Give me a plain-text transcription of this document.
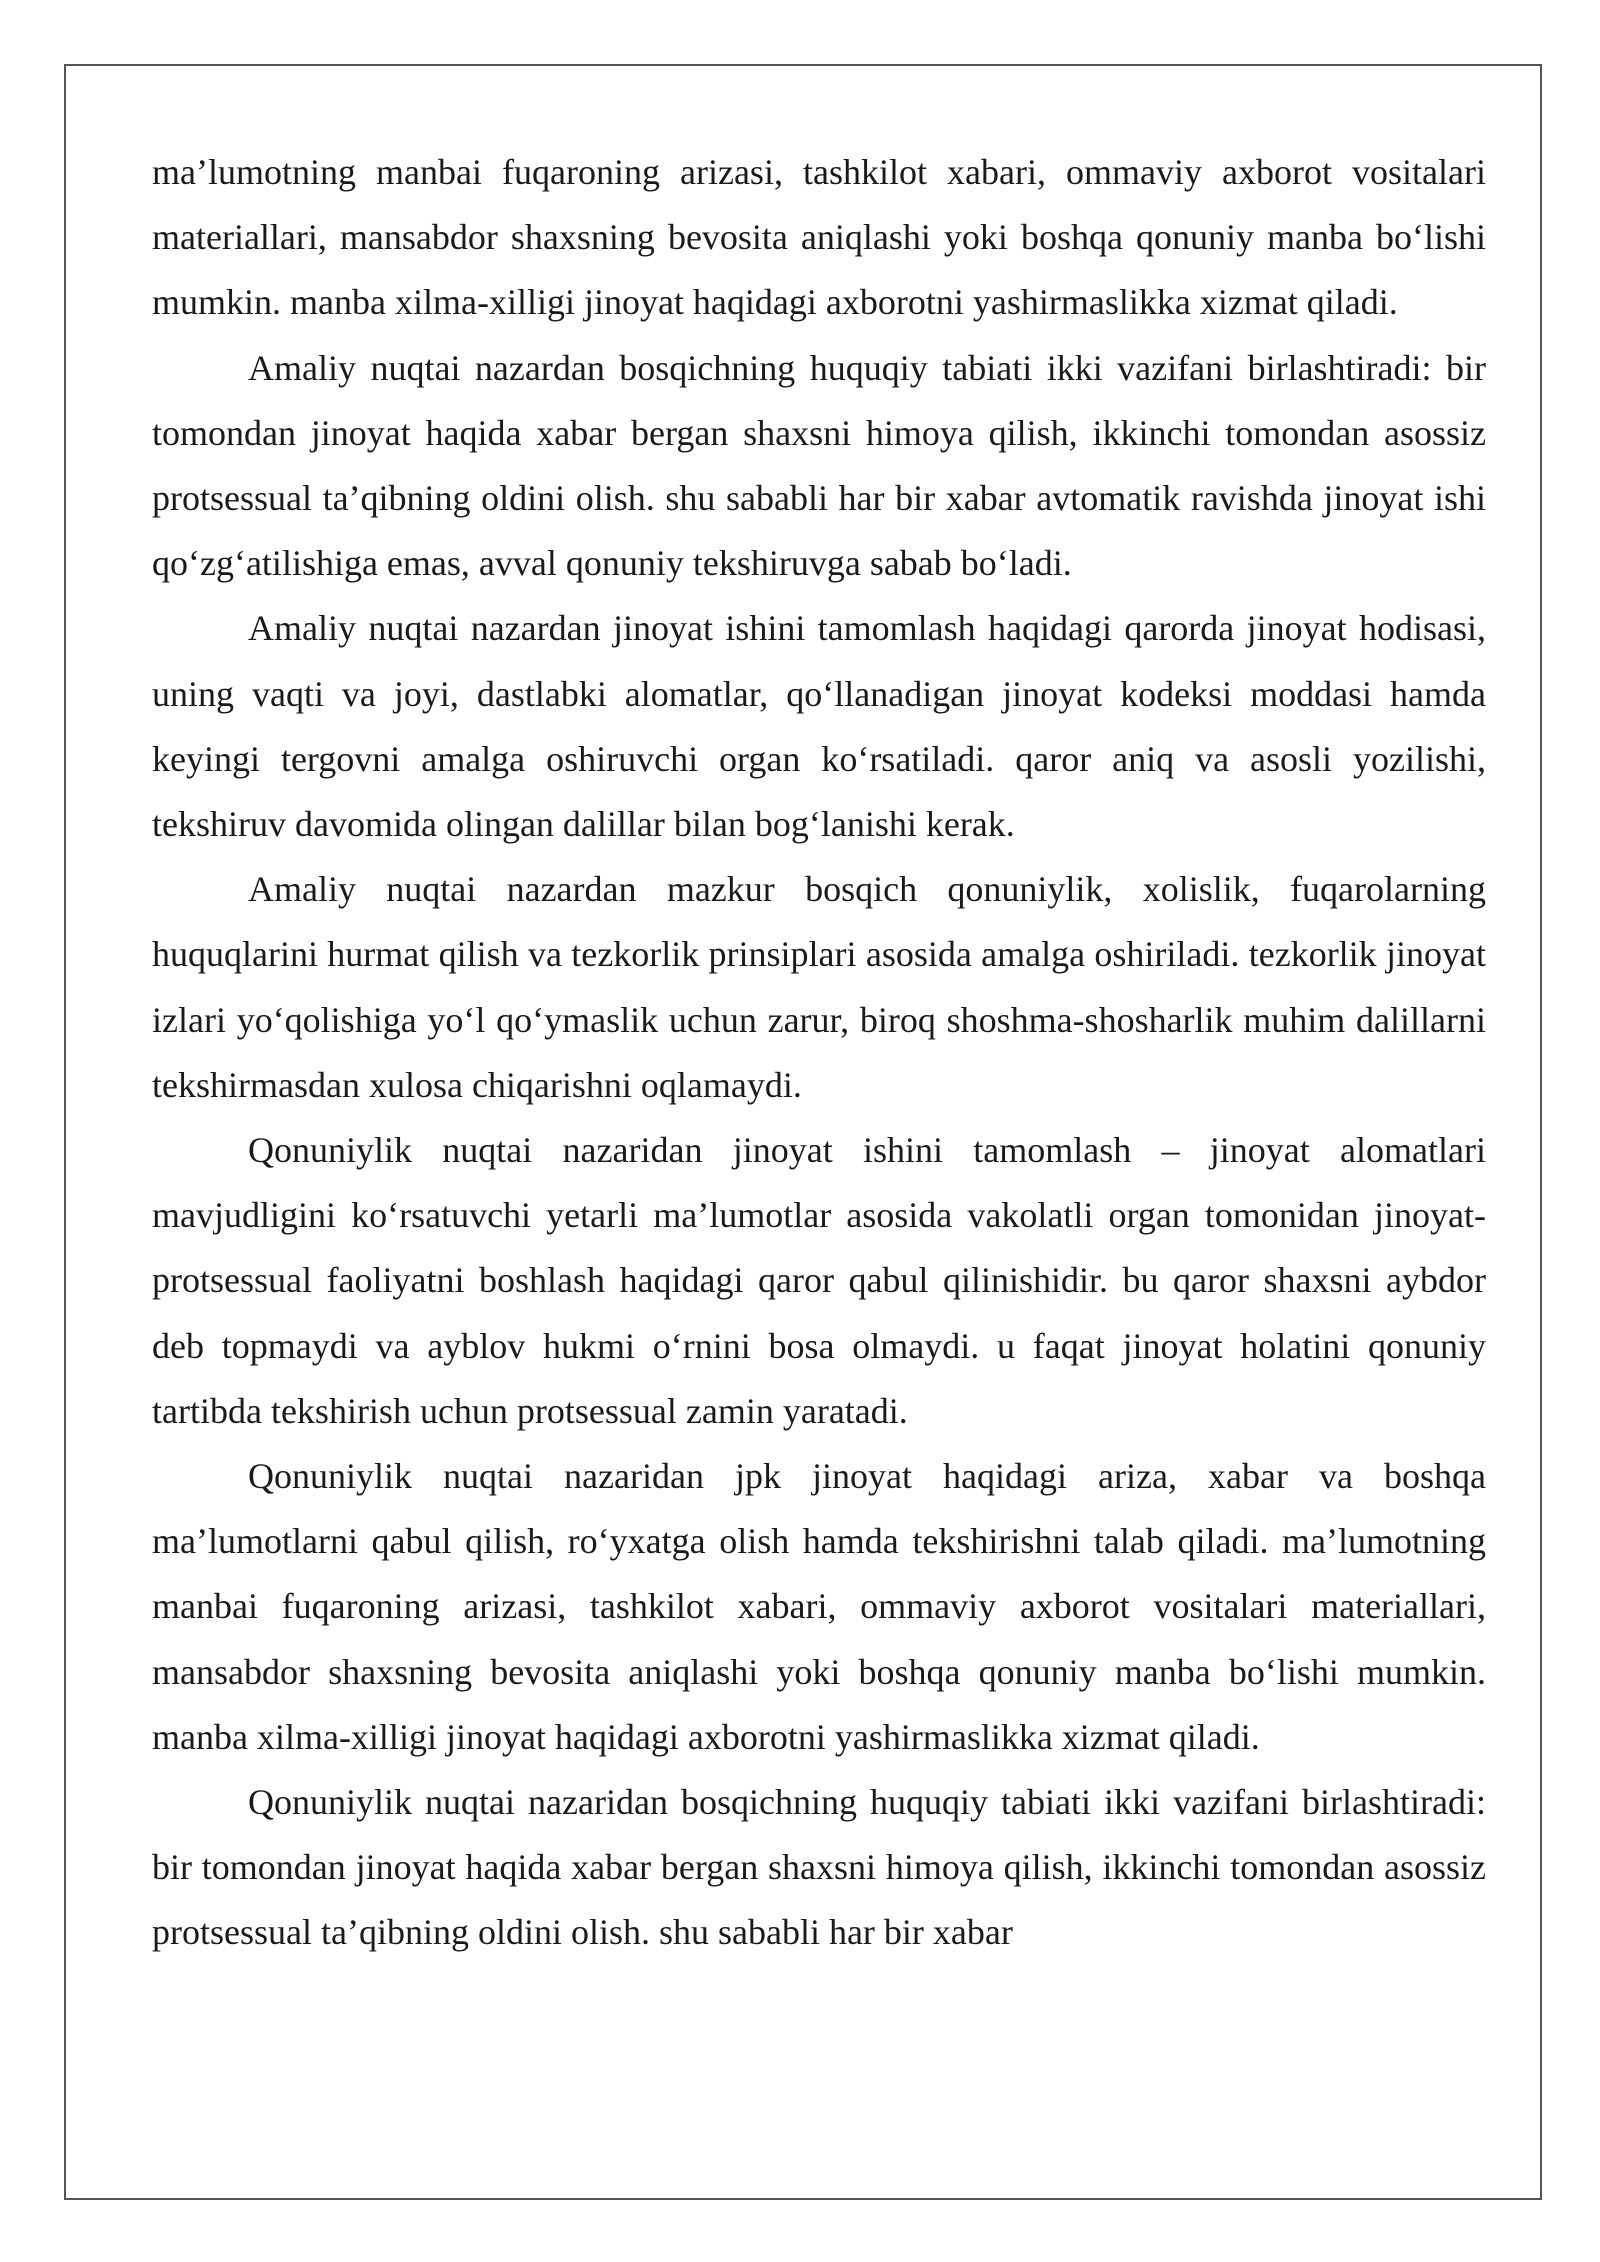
ma’lumotning manbai fuqaroning arizasi, tashkilot xabari, ommaviy axborot vositalari materiallari, mansabdor shaxsning bevosita aniqlashi yoki boshqa qonuniy manba bo‘lishi mumkin. manba xilma-xilligi jinoyat haqidagi axborotni yashirmaslikka xizmat qiladi.

Amaliy nuqtai nazardan bosqichning huquqiy tabiati ikki vazifani birlashtiradi: bir tomondan jinoyat haqida xabar bergan shaxsni himoya qilish, ikkinchi tomondan asossiz protsessual ta’qibning oldini olish. shu sababli har bir xabar avtomatik ravishda jinoyat ishi qo‘zg‘atilishiga emas, avval qonuniy tekshiruvga sabab bo‘ladi.

Amaliy nuqtai nazardan jinoyat ishini tamomlash haqidagi qarorda jinoyat hodisasi, uning vaqti va joyi, dastlabki alomatlar, qo‘llanadigan jinoyat kodeksi moddasi hamda keyingi tergovni amalga oshiruvchi organ ko‘rsatiladi. qaror aniq va asosli yozilishi, tekshiruv davomida olingan dalillar bilan bog‘lanishi kerak.

Amaliy nuqtai nazardan mazkur bosqich qonuniylik, xolislik, fuqarolarning huquqlarini hurmat qilish va tezkorlik prinsiplari asosida amalga oshiriladi. tezkorlik jinoyat izlari yo‘qolishiga yo‘l qo‘ymaslik uchun zarur, biroq shoshma-shosharlik muhim dalillarni tekshirmasdan xulosa chiqarishni oqlamaydi.

Qonuniylik nuqtai nazaridan jinoyat ishini tamomlash – jinoyat alomatlari mavjudligini ko‘rsatuvchi yetarli ma’lumotlar asosida vakolatli organ tomonidan jinoyat-protsessual faoliyatni boshlash haqidagi qaror qabul qilinishidir. bu qaror shaxsni aybdor deb topmaydi va ayblov hukmi o‘rnini bosa olmaydi. u faqat jinoyat holatini qonuniy tartibda tekshirish uchun protsessual zamin yaratadi.

Qonuniylik nuqtai nazaridan jpk jinoyat haqidagi ariza, xabar va boshqa ma’lumotlarni qabul qilish, ro‘yxatga olish hamda tekshirishni talab qiladi. ma’lumotning manbai fuqaroning arizasi, tashkilot xabari, ommaviy axborot vositalari materiallari, mansabdor shaxsning bevosita aniqlashi yoki boshqa qonuniy manba bo‘lishi mumkin. manba xilma-xilligi jinoyat haqidagi axborotni yashirmaslikka xizmat qiladi.

Qonuniylik nuqtai nazaridan bosqichning huquqiy tabiati ikki vazifani birlashtiradi: bir tomondan jinoyat haqida xabar bergan shaxsni himoya qilish, ikkinchi tomondan asossiz protsessual ta’qibning oldini olish. shu sababli har bir xabar
